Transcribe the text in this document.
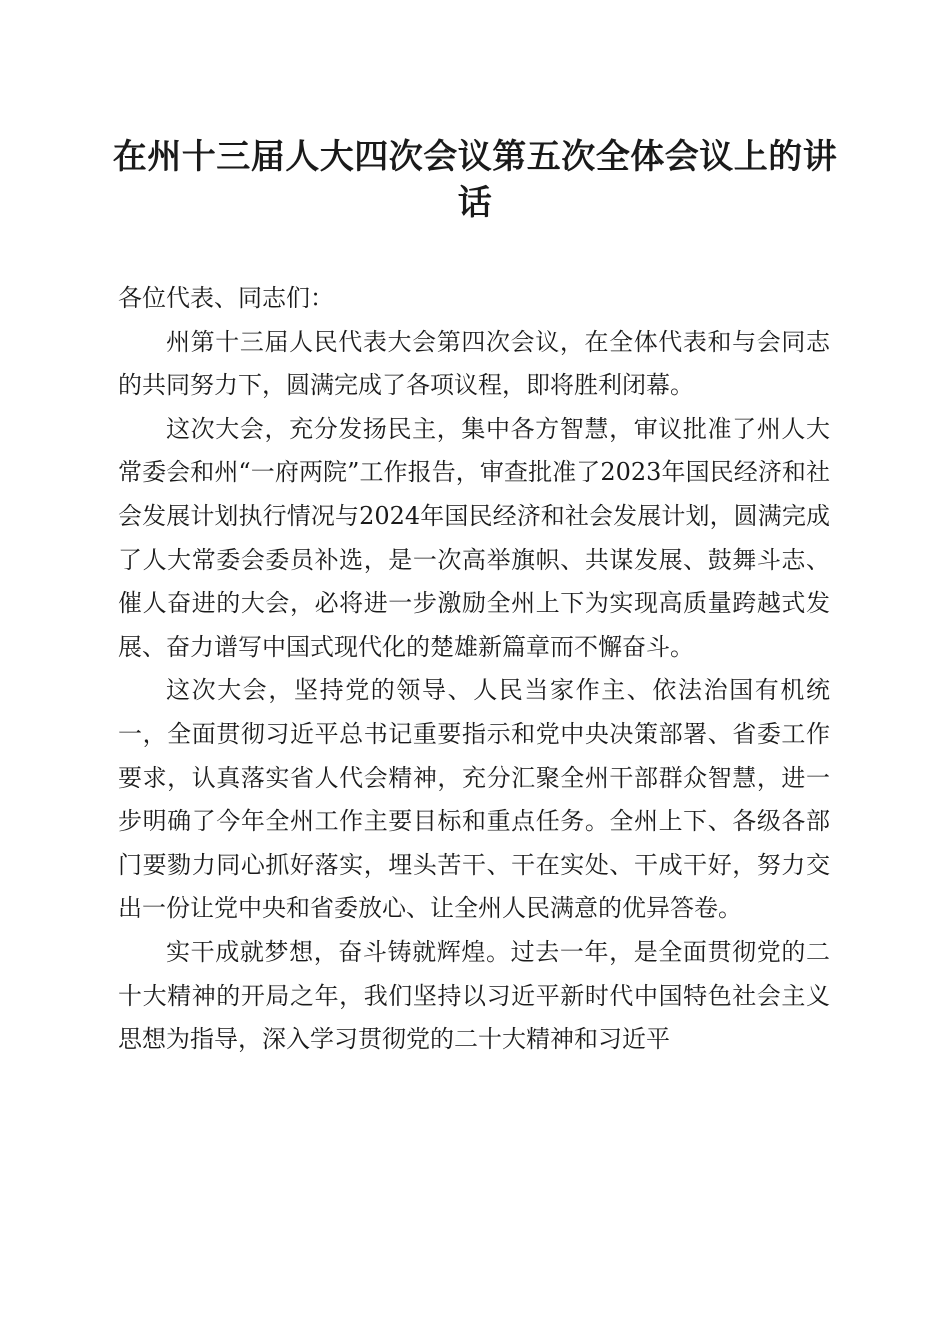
在州十三届人大四次会议第五次全体会议上的讲话

各位代表、同志们：

州第十三届人民代表大会第四次会议，在全体代表和与会同志的共同努力下，圆满完成了各项议程，即将胜利闭幕。

这次大会，充分发扬民主，集中各方智慧，审议批准了州人大常委会和州“一府两院”工作报告，审查批准了2023年国民经济和社会发展计划执行情况与2024年国民经济和社会发展计划，圆满完成了人大常委会委员补选，是一次高举旗帜、共谋发展、鼓舞斗志、催人奋进的大会，必将进一步激励全州上下为实现高质量跨越式发展、奋力谱写中国式现代化的楚雄新篇章而不懈奋斗。

这次大会，坚持党的领导、人民当家作主、依法治国有机统一，全面贯彻习近平总书记重要指示和党中央决策部署、省委工作要求，认真落实省人代会精神，充分汇聚全州干部群众智慧，进一步明确了今年全州工作主要目标和重点任务。全州上下、各级各部门要勠力同心抓好落实，埋头苦干、干在实处、干成干好，努力交出一份让党中央和省委放心、让全州人民满意的优异答卷。

实干成就梦想，奋斗铸就辉煌。过去一年，是全面贯彻党的二十大精神的开局之年，我们坚持以习近平新时代中国特色社会主义思想为指导，深入学习贯彻党的二十大精神和习近平
